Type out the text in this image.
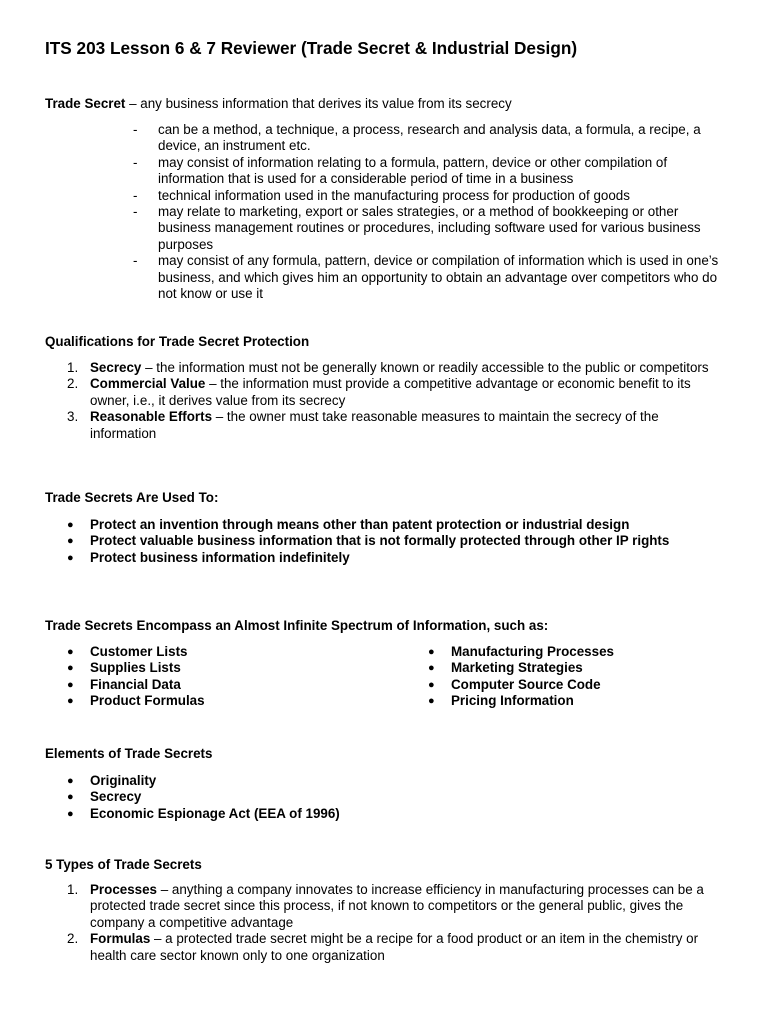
ITS 203 Lesson 6 & 7 Reviewer (Trade Secret & Industrial Design)

Trade Secret – any business information that derives its value from its secrecy

- can be a method, a technique, a process, research and analysis data, a formula, a recipe, a device, an instrument etc.
- may consist of information relating to a formula, pattern, device or other compilation of information that is used for a considerable period of time in a business
- technical information used in the manufacturing process for production of goods
- may relate to marketing, export or sales strategies, or a method of bookkeeping or other business management routines or procedures, including software used for various business purposes
- may consist of any formula, pattern, device or compilation of information which is used in one’s business, and which gives him an opportunity to obtain an advantage over competitors who do not know or use it
Qualifications for Trade Secret Protection
1. Secrecy – the information must not be generally known or readily accessible to the public or competitors
2. Commercial Value – the information must provide a competitive advantage or economic benefit to its owner, i.e., it derives value from its secrecy
3. Reasonable Efforts – the owner must take reasonable measures to maintain the secrecy of the information
Trade Secrets Are Used To:
● Protect an invention through means other than patent protection or industrial design
● Protect valuable business information that is not formally protected through other IP rights
● Protect business information indefinitely
Trade Secrets Encompass an Almost Infinite Spectrum of Information, such as:
● Customer Lists
● Supplies Lists
● Financial Data
● Product Formulas
● Manufacturing Processes
● Marketing Strategies
● Computer Source Code
● Pricing Information
Elements of Trade Secrets
● Originality
● Secrecy
● Economic Espionage Act (EEA of 1996)
5 Types of Trade Secrets
1. Processes – anything a company innovates to increase efficiency in manufacturing processes can be a protected trade secret since this process, if not known to competitors or the general public, gives the company a competitive advantage
2. Formulas – a protected trade secret might be a recipe for a food product or an item in the chemistry or health care sector known only to one organization
